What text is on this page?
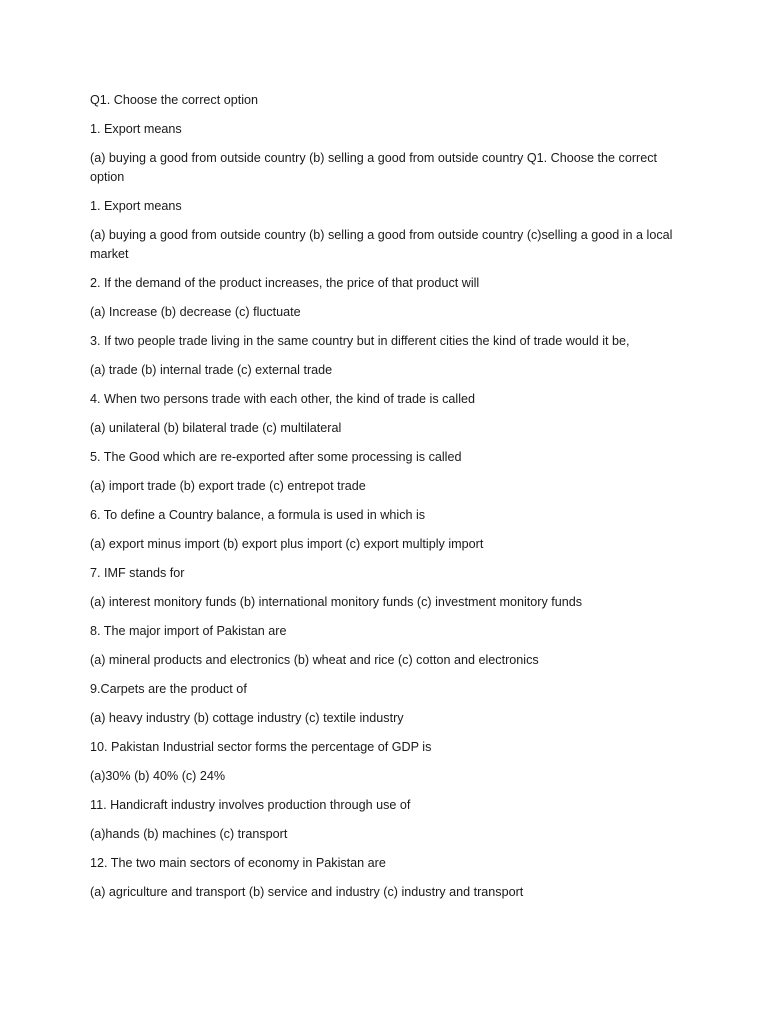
Q1. Choose the correct option

1. Export means

(a) buying a good from outside country (b) selling a good from outside country Q1. Choose the correct option

1. Export means

(a) buying a good from outside country (b) selling a good from outside country (c)selling a good in a local market

2. If the demand of the product increases, the price of that product will

(a) Increase (b) decrease (c) fluctuate

3. If two people trade living in the same country but in different cities the kind of trade would it be,

(a) trade (b) internal trade (c) external trade

4. When two persons trade with each other, the kind of trade is called

(a) unilateral (b) bilateral trade (c) multilateral

5. The Good which are re-exported after some processing is called

(a) import trade (b) export trade (c) entrepot trade

6. To define a Country balance, a formula is used in which is

(a) export minus import (b) export plus import (c) export multiply import

7. IMF stands for

(a) interest monitory funds (b) international monitory funds (c) investment monitory funds

8. The major import of Pakistan are

(a) mineral products and electronics (b) wheat and rice (c) cotton and electronics

9.Carpets are the product of

(a) heavy industry (b) cottage industry (c) textile industry

10. Pakistan Industrial sector forms the percentage of GDP is

(a)30% (b) 40% (c) 24%

11. Handicraft industry involves production through use of

(a)hands (b) machines (c) transport

12. The two main sectors of economy in Pakistan are

(a) agriculture and transport (b) service and industry (c) industry and transport
